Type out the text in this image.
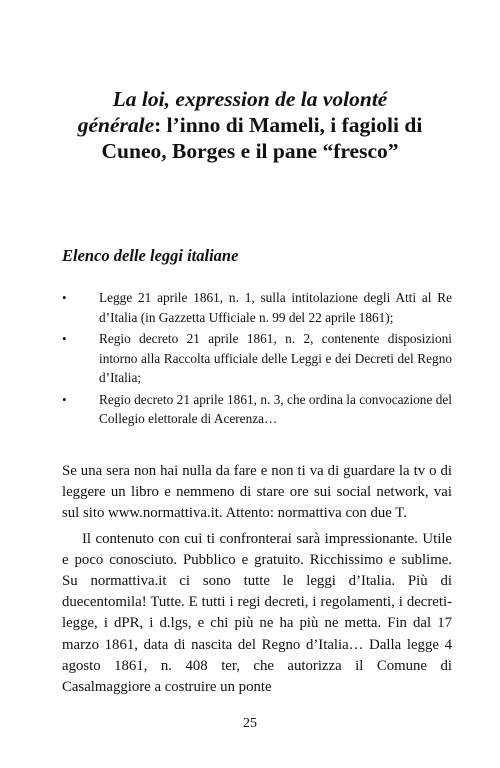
La loi, expression de la volonté générale: l’inno di Mameli, i fagioli di Cuneo, Borges e il pane “fresco”
Elenco delle leggi italiane
• Legge 21 aprile 1861, n. 1, sulla intitolazione degli Atti al Re d’Italia (in Gazzetta Ufficiale n. 99 del 22 aprile 1861);
• Regio decreto 21 aprile 1861, n. 2, contenente disposizioni intorno alla Raccolta ufficiale delle Leggi e dei Decreti del Regno d’Italia;
• Regio decreto 21 aprile 1861, n. 3, che ordina la convocazione del Collegio elettorale di Acerenza…

Se una sera non hai nulla da fare e non ti va di guardare la tv o di leggere un libro e nemmeno di stare ore sui social network, vai sul sito www.normattiva.it. Attento: normattiva con due T.

Il contenuto con cui ti confronterai sarà impressionante. Utile e poco conosciuto. Pubblico e gratuito. Ricchissimo e sublime. Su normattiva.it ci sono tutte le leggi d’Italia. Più di duecentomila! Tutte. E tutti i regi decreti, i regolamenti, i decreti-legge, i dPR, i d.lgs, e chi più ne ha più ne metta. Fin dal 17 marzo 1861, data di nascita del Regno d’Italia… Dalla legge 4 agosto 1861, n. 408 ter, che autorizza il Comune di Casalmaggiore a costruire un ponte

25
